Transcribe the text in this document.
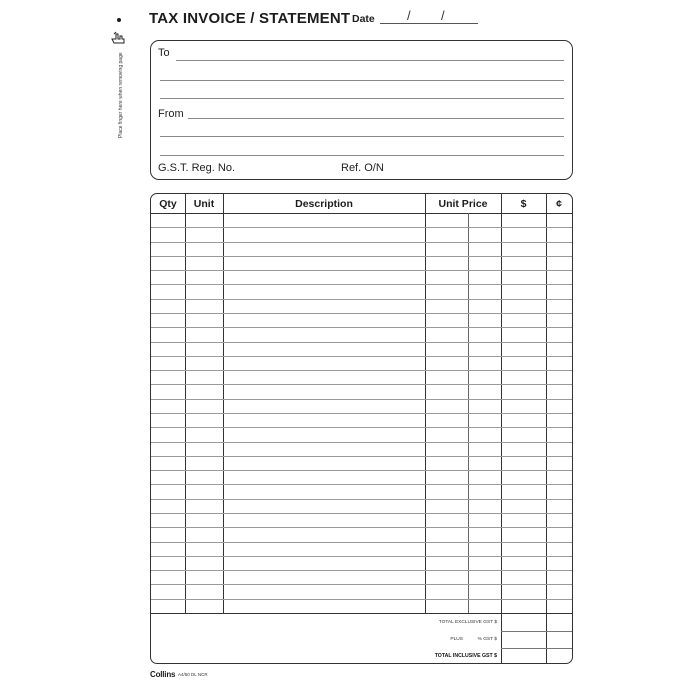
Place finger here when removing page
TAX INVOICE / STATEMENT Date / /
To
From
G.S.T. Reg. No.	Ref. O/N
Qty	Unit	Description	Unit Price	$	¢
TOTAL EXCLUSIVE GST $
PLUS	% GST $
TOTAL INCLUSIVE GST $
Collins A4/50 DL NCR
